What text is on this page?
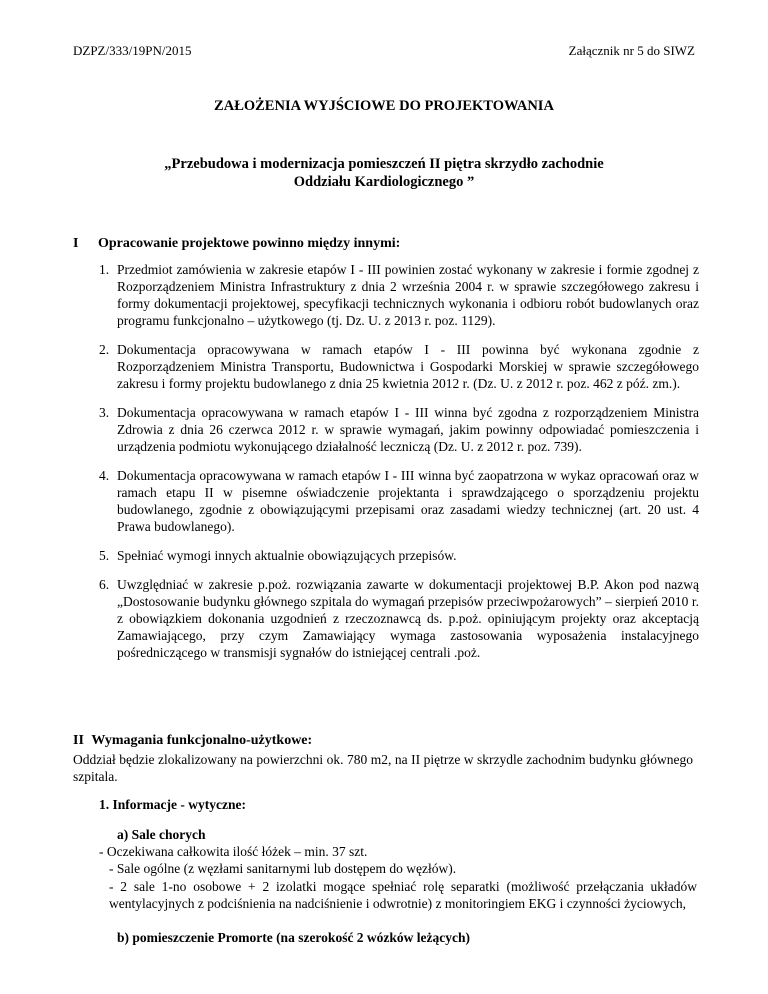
DZPZ/333/19PN/2015	Załącznik nr 5 do SIWZ
ZAŁOŻENIA WYJŚCIOWE DO PROJEKTOWANIA
„Przebudowa i modernizacja pomieszczeń II piętra skrzydło zachodnie
Oddziału Kardiologicznego ”
I Opracowanie projektowe powinno między innymi:
1. Przedmiot zamówienia w zakresie etapów I - III powinien zostać wykonany w zakresie i formie zgodnej z Rozporządzeniem Ministra Infrastruktury z dnia 2 września 2004 r. w sprawie szczegółowego zakresu i formy dokumentacji projektowej, specyfikacji technicznych wykonania i odbioru robót budowlanych oraz programu funkcjonalno – użytkowego (tj. Dz. U. z 2013 r. poz. 1129).
2. Dokumentacja opracowywana w ramach etapów I - III powinna być wykonana zgodnie z Rozporządzeniem Ministra Transportu, Budownictwa i Gospodarki Morskiej w sprawie szczegółowego zakresu i formy projektu budowlanego z dnia 25 kwietnia 2012 r. (Dz. U. z 2012 r. poz. 462 z póź. zm.).
3. Dokumentacja opracowywana w ramach etapów I - III winna być zgodna z rozporządzeniem Ministra Zdrowia z dnia 26 czerwca 2012 r. w sprawie wymagań, jakim powinny odpowiadać pomieszczenia i urządzenia podmiotu wykonującego działalność leczniczą (Dz. U. z 2012 r. poz. 739).
4. Dokumentacja opracowywana w ramach etapów I - III winna być zaopatrzona w wykaz opracowań oraz w ramach etapu II w pisemne oświadczenie projektanta i sprawdzającego o sporządzeniu projektu budowlanego, zgodnie z obowiązującymi przepisami oraz zasadami wiedzy technicznej (art. 20 ust. 4 Prawa budowlanego).
5. Spełniać wymogi innych aktualnie obowiązujących przepisów.
6. Uwzględniać w zakresie p.poż. rozwiązania zawarte w dokumentacji projektowej B.P. Akon pod nazwą „Dostosowanie budynku głównego szpitala do wymagań przepisów przeciwpożarowych” – sierpień 2010 r. z obowiązkiem dokonania uzgodnień z rzeczoznawcą ds. p.poż. opiniującym projekty oraz akceptacją Zamawiającego, przy czym Zamawiający wymaga zastosowania wyposażenia instalacyjnego pośredniczącego w transmisji sygnałów do istniejącej centrali .poż.
II Wymagania funkcjonalno-użytkowe:
Oddział będzie zlokalizowany na powierzchni ok. 780 m2, na II piętrze w skrzydle zachodnim budynku głównego szpitala.
1. Informacje - wytyczne:
a) Sale chorych
- Oczekiwana całkowita ilość łóżek – min. 37 szt.
- Sale ogólne (z węzłami sanitarnymi lub dostępem do węzłów).
- 2 sale 1-no osobowe + 2 izolatki mogące spełniać rolę separatki (możliwość przełączania układów wentylacyjnych z podciśnienia na nadciśnienie i odwrotnie) z monitoringiem EKG i czynności życiowych,
b) pomieszczenie Promorte (na szerokość 2 wózków leżących)
